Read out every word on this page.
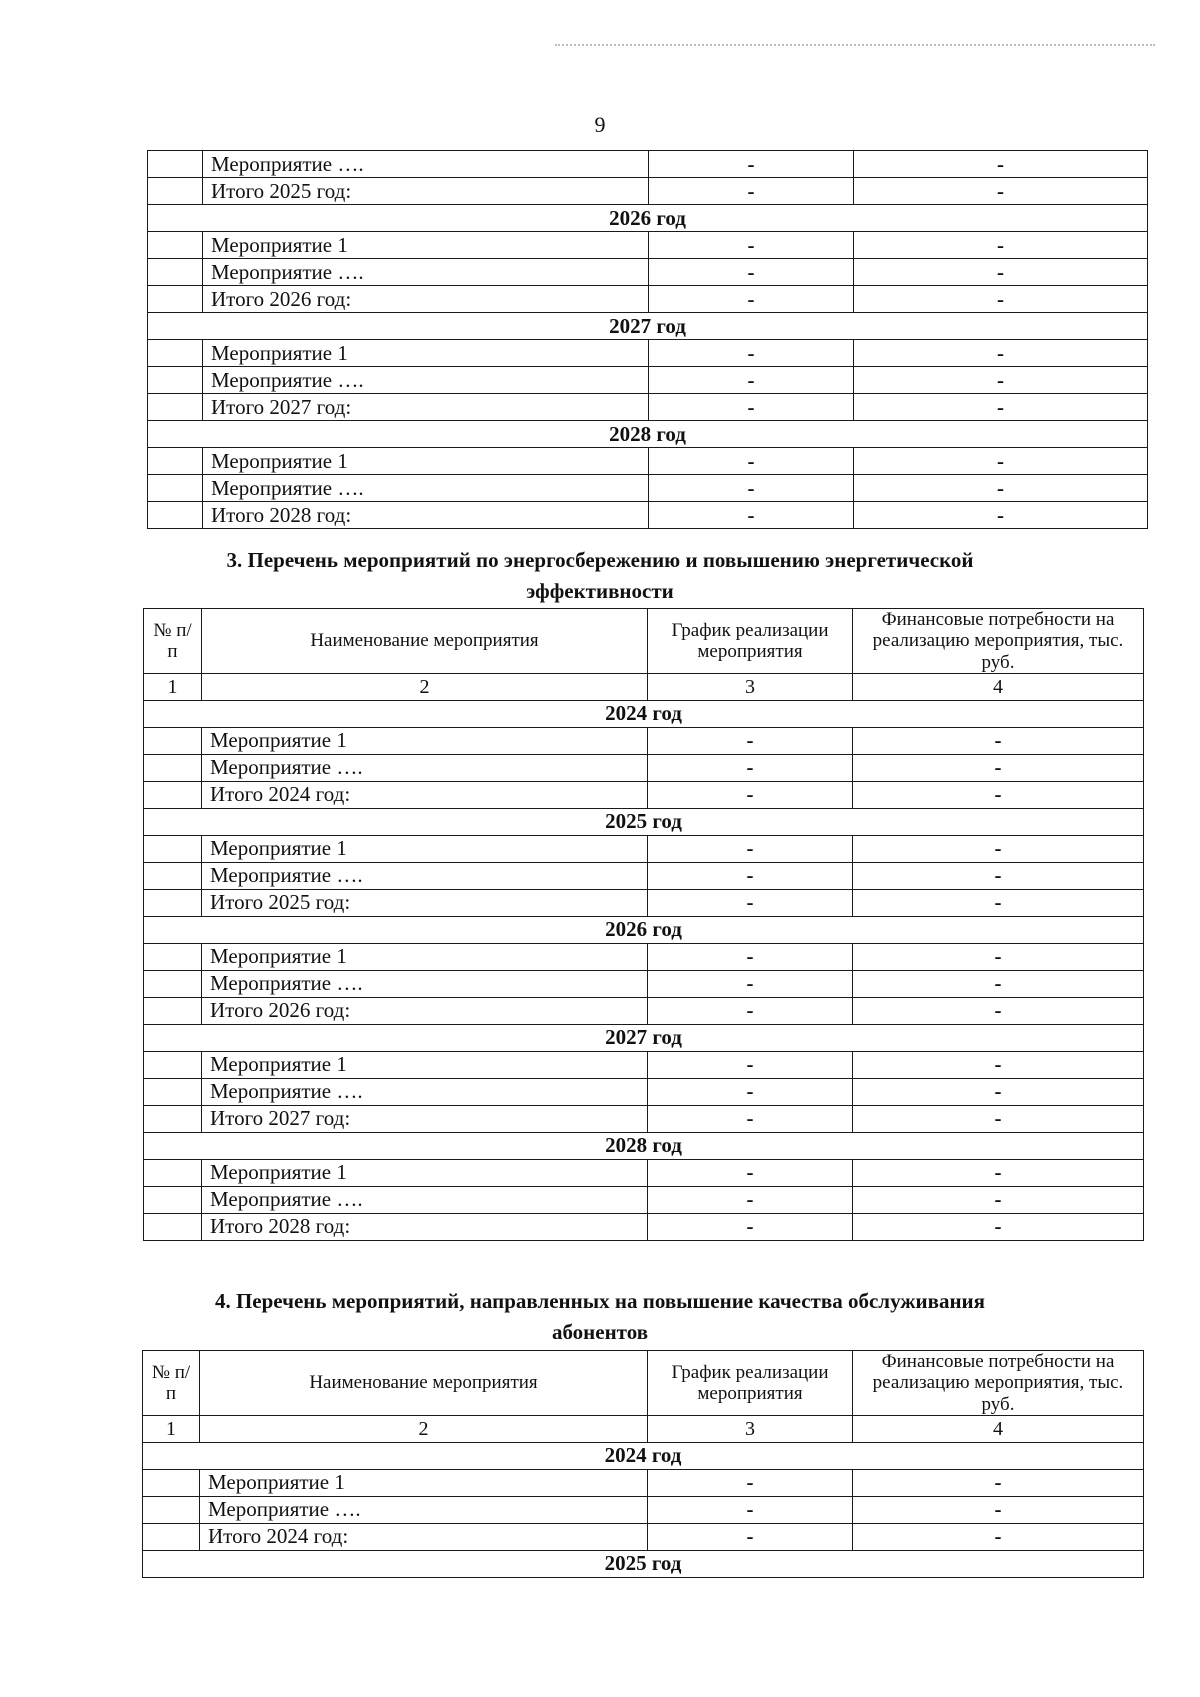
9
	Мероприятие ….	-	-
	Итого 2025 год:	-	-
2026 год			
	Мероприятие 1	-	-
	Мероприятие ….	-	-
	Итого 2026 год:	-	-
2027 год			
	Мероприятие 1	-	-
	Мероприятие ….	-	-
	Итого 2027 год:	-	-
2028 год			
	Мероприятие 1	-	-
	Мероприятие ….	-	-
	Итого 2028 год:	-	-
3. Перечень мероприятий по энергосбережению и повышению энергетической
эффективности
№ п/п	Наименование мероприятия	График реализации мероприятия	Финансовые потребности на реализацию мероприятия, тыс. руб.
1	2	3	4
2024 год			
	Мероприятие 1	-	-
	Мероприятие ….	-	-
	Итого 2024 год:	-	-
2025 год			
	Мероприятие 1	-	-
	Мероприятие ….	-	-
	Итого 2025 год:	-	-
2026 год			
	Мероприятие 1	-	-
	Мероприятие ….	-	-
	Итого 2026 год:	-	-
2027 год			
	Мероприятие 1	-	-
	Мероприятие ….	-	-
	Итого 2027 год:	-	-
2028 год			
	Мероприятие 1	-	-
	Мероприятие ….	-	-
	Итого 2028 год:	-	-
4. Перечень мероприятий, направленных на повышение качества обслуживания
абонентов
№ п/п	Наименование мероприятия	График реализации мероприятия	Финансовые потребности на реализацию мероприятия, тыс. руб.
1	2	3	4
2024 год			
	Мероприятие 1	-	-
	Мероприятие ….	-	-
	Итого 2024 год:	-	-
2025 год			
